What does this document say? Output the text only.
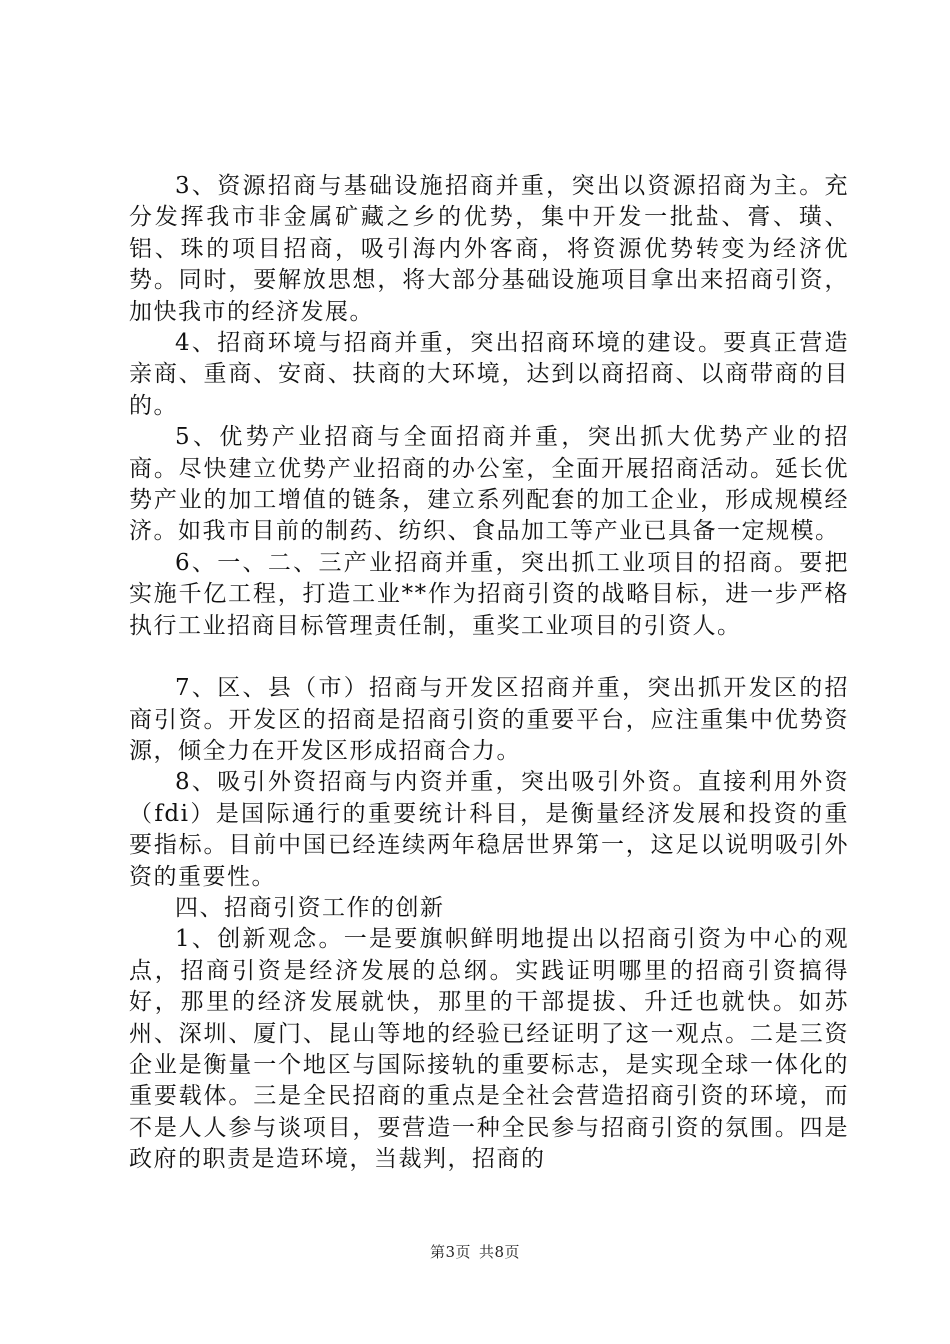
3、资源招商与基础设施招商并重，突出以资源招商为主。充分发挥我市非金属矿藏之乡的优势，集中开发一批盐、膏、璜、铝、珠的项目招商，吸引海内外客商，将资源优势转变为经济优势。同时，要解放思想，将大部分基础设施项目拿出来招商引资，加快我市的经济发展。

4、招商环境与招商并重，突出招商环境的建设。要真正营造亲商、重商、安商、扶商的大环境，达到以商招商、以商带商的目的。

5、优势产业招商与全面招商并重，突出抓大优势产业的招商。尽快建立优势产业招商的办公室，全面开展招商活动。延长优势产业的加工增值的链条，建立系列配套的加工企业，形成规模经济。如我市目前的制药、纺织、食品加工等产业已具备一定规模。

6、一、二、三产业招商并重，突出抓工业项目的招商。要把实施千亿工程，打造工业**作为招商引资的战略目标，进一步严格执行工业招商目标管理责任制，重奖工业项目的引资人。

7、区、县（市）招商与开发区招商并重，突出抓开发区的招商引资。开发区的招商是招商引资的重要平台，应注重集中优势资源，倾全力在开发区形成招商合力。

8、吸引外资招商与内资并重，突出吸引外资。直接利用外资（fdi）是国际通行的重要统计科目，是衡量经济发展和投资的重要指标。目前中国已经连续两年稳居世界第一，这足以说明吸引外资的重要性。

四、招商引资工作的创新

1、创新观念。一是要旗帜鲜明地提出以招商引资为中心的观点，招商引资是经济发展的总纲。实践证明哪里的招商引资搞得好，那里的经济发展就快，那里的干部提拔、升迁也就快。如苏州、深圳、厦门、昆山等地的经验已经证明了这一观点。二是三资企业是衡量一个地区与国际接轨的重要标志，是实现全球一体化的重要载体。三是全民招商的重点是全社会营造招商引资的环境，而不是人人参与谈项目，要营造一种全民参与招商引资的氛围。四是政府的职责是造环境，当裁判，招商的

第3页 共8页
